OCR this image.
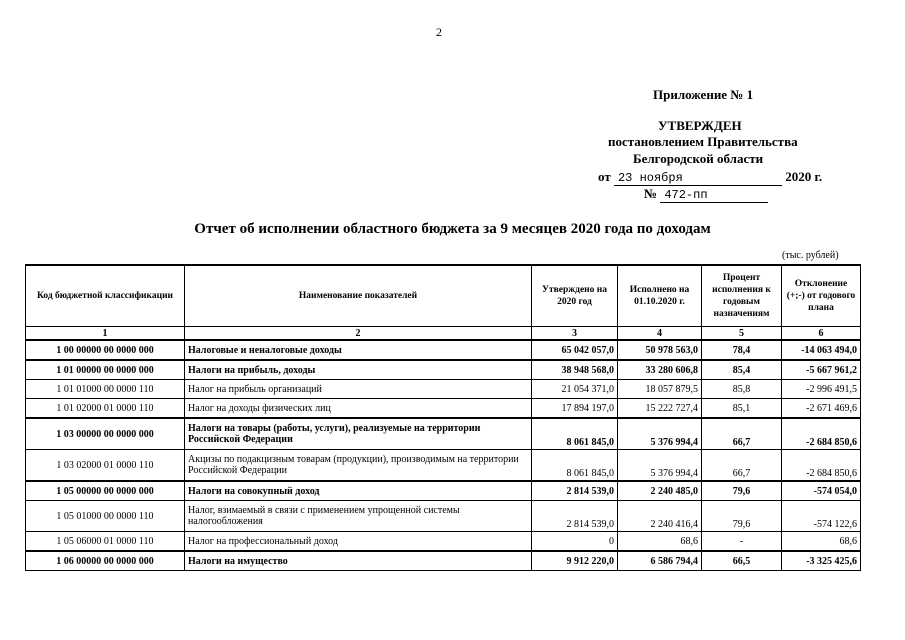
2
Приложение № 1
УТВЕРЖДЕН
постановлением Правительства
Белгородской области
от 23 ноября	2020 г.
№ 472-пп
Отчет об исполнении областного бюджета за 9 месяцев 2020 года по доходам
(тыс. рублей)
Код бюджетной классификации	Наименование показателей	Утверждено на 2020 год	Исполнено на 01.10.2020 г.	Процент исполнения к годовым назначениям	Отклонение (+;-) от годового плана
1	2	3	4	5	6
1 00 00000 00 0000 000	Налоговые и неналоговые доходы	65 042 057,0	50 978 563,0	78,4	-14 063 494,0
1 01 00000 00 0000 000	Налоги на прибыль, доходы	38 948 568,0	33 280 606,8	85,4	-5 667 961,2
1 01 01000 00 0000 110	Налог на прибыль организаций	21 054 371,0	18 057 879,5	85,8	-2 996 491,5
1 01 02000 01 0000 110	Налог на доходы физических лиц	17 894 197,0	15 222 727,4	85,1	-2 671 469,6
1 03 00000 00 0000 000	Налоги на товары (работы, услуги), реализуемые на территории Российской Федерации	8 061 845,0	5 376 994,4	66,7	-2 684 850,6
1 03 02000 01 0000 110	Акцизы по подакцизным товарам (продукции), производимым на территории Российской Федерации	8 061 845,0	5 376 994,4	66,7	-2 684 850,6
1 05 00000 00 0000 000	Налоги на совокупный доход	2 814 539,0	2 240 485,0	79,6	-574 054,0
1 05 01000 00 0000 110	Налог, взимаемый в связи с применением упрощенной системы налогообложения	2 814 539,0	2 240 416,4	79,6	-574 122,6
1 05 06000 01 0000 110	Налог на профессиональный доход	0	68,6	-	68,6
1 06 00000 00 0000 000	Налоги на имущество	9 912 220,0	6 586 794,4	66,5	-3 325 425,6
